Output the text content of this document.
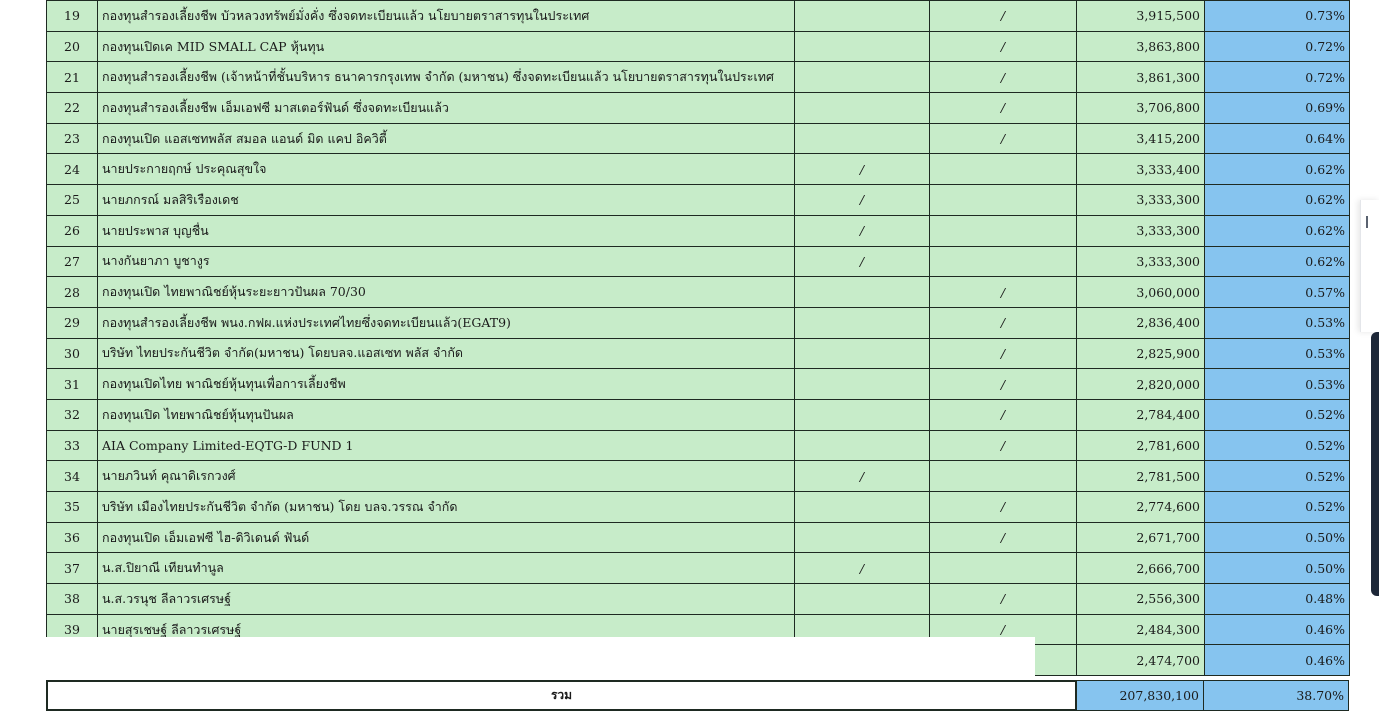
19	กองทุนสำรองเลี้ยงชีพ บัวหลวงทรัพย์มั่งคั่ง ซึ่งจดทะเบียนแล้ว นโยบายตราสารทุนในประเทศ		/	3,915,500	0.73%
20	กองทุนเปิดเค MID SMALL CAP หุ้นทุน		/	3,863,800	0.72%
21	กองทุนสำรองเลี้ยงชีพ (เจ้าหน้าที่ชั้นบริหาร ธนาคารกรุงเทพ จำกัด (มหาชน) ซึ่งจดทะเบียนแล้ว นโยบายตราสารทุนในประเทศ		/	3,861,300	0.72%
22	กองทุนสำรองเลี้ยงชีพ เอ็มเอฟซี มาสเตอร์ฟันด์ ซึ่งจดทะเบียนแล้ว		/	3,706,800	0.69%
23	กองทุนเปิด แอสเซทพลัส สมอล แอนด์ มิด แคป อิควิตี้		/	3,415,200	0.64%
24	นายประกายฤกษ์ ประคุณสุขใจ	/		3,333,400	0.62%
25	นายภกรณ์ มลสิริเรืองเดช	/		3,333,300	0.62%
26	นายประพาส บุญชื่น	/		3,333,300	0.62%
27	นางกันยาภา บูชางูร	/		3,333,300	0.62%
28	กองทุนเปิด ไทยพาณิชย์หุ้นระยะยาวปันผล 70/30		/	3,060,000	0.57%
29	กองทุนสำรองเลี้ยงชีพ พนง.กฟผ.แห่งประเทศไทยซึ่งจดทะเบียนแล้ว(EGAT9)		/	2,836,400	0.53%
30	บริษัท ไทยประกันชีวิต จำกัด(มหาชน) โดยบลจ.แอสเซท พลัส จำกัด		/	2,825,900	0.53%
31	กองทุนเปิดไทย พาณิชย์หุ้นทุนเพื่อการเลี้ยงชีพ		/	2,820,000	0.53%
32	กองทุนเปิด ไทยพาณิชย์หุ้นทุนปันผล		/	2,784,400	0.52%
33	AIA Company Limited-EQTG-D FUND 1		/	2,781,600	0.52%
34	นายภวินท์ คุณาดิเรกวงศ์	/		2,781,500	0.52%
35	บริษัท เมืองไทยประกันชีวิต จำกัด (มหาชน) โดย บลจ.วรรณ จำกัด		/	2,774,600	0.52%
36	กองทุนเปิด เอ็มเอฟซี ไฮ-ดิวิเดนด์ ฟันด์		/	2,671,700	0.50%
37	น.ส.ปิยาณี เทียนทำนูล	/		2,666,700	0.50%
38	น.ส.วรนุช ลีลาวรเศรษฐ์		/	2,556,300	0.48%
39	นายสุรเชษฐ์ ลีลาวรเศรษฐ์		/	2,484,300	0.46%
				2,474,700	0.46%
รวม	207,830,100	38.70%
